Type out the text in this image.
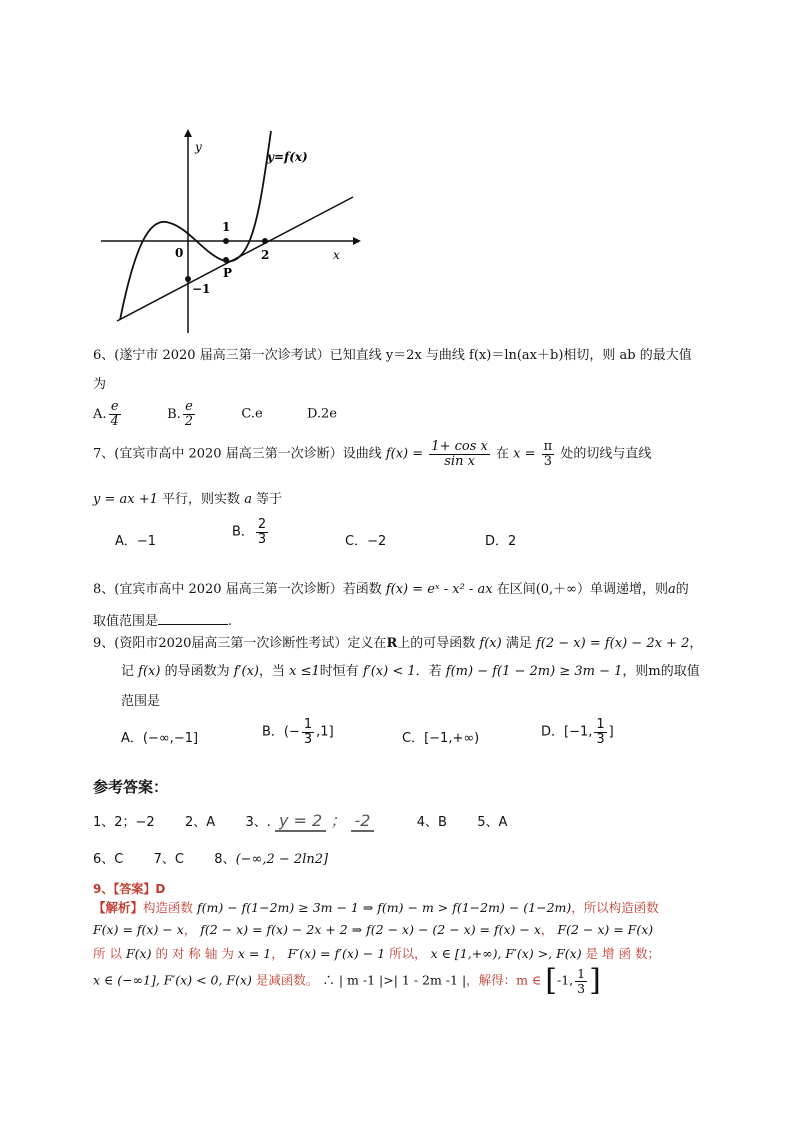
y
x
y=f(x)
0
1
2
−1
P
6、(遂宁市 2020 届高三第一次诊考试）已知直线 y＝2x 与曲线 f(x)＝ln(ax＋b)相切，则 ab 的最大值
为
A. $\frac{e}{4}$	B. $\frac{e}{2}$	C.e	D.2e
7、(宜宾市高中 2020 届高三第一次诊断）设曲线 $f(x) = \frac{\text{1+ cos x}}{\text{sin x}}$ 在 $x = \frac{\pi}{3}$ 处的切线与直线
y = ax +1 平行，则实数 a 等于
A．−1
B． $\frac{2}{3}$	C．−2	D．2
8、(宜宾市高中 2020 届高三第一次诊断）若函数 f(x) = eˣ - x² - ax 在区间(0,＋∞）单调递增，则a的
取值范围是	.
9、(资阳市2020届高三第一次诊断性考试）定义在R上的可导函数 f(x) 满足 f(2 − x) = f(x) − 2x + 2，
记 f(x) 的导函数为 f′(x)，当 x ≤1时恒有 f′(x) < 1．若 f(m) − f(1 − 2m) ≥ 3m − 1，则m的取值
范围是
A．(−∞,−1]	B．(− $\frac{1}{3} ,1$]	C．[−1,+∞)	D．[−1, $\frac{1}{3}$ ]
参考答案：
1、2；−2 2、A 3、. y = 2 ； -2	4、B 5、A
6、C 7、C 8、(−∞,2 − 2ln2]
9、【答案】D
【解析】构造函数 f(m) − f(1−2m) ≥ 3m − 1 ⇒ f(m) − m > f(1−2m) − (1−2m)，所以构造函数
F(x) = f(x) − x， f(2 − x) = f(x) − 2x + 2 ⇒ f(2 − x) − (2 − x) = f(x) − x， F(2 − x) = F(x)
所 以 F(x) 的 对 称 轴 为 x = 1， F′(x) = f′(x) − 1 所以， x ∈ [1,+∞), F′(x) >, F(x) 是 增 函 数；
x ∈ (−∞1], F′(x) < 0, F(x) 是减函数。 ∴ | m -1 |>| 1 - 2m -1 |，解得：m ∈ [-1, $\frac{1}{3}$ ]
